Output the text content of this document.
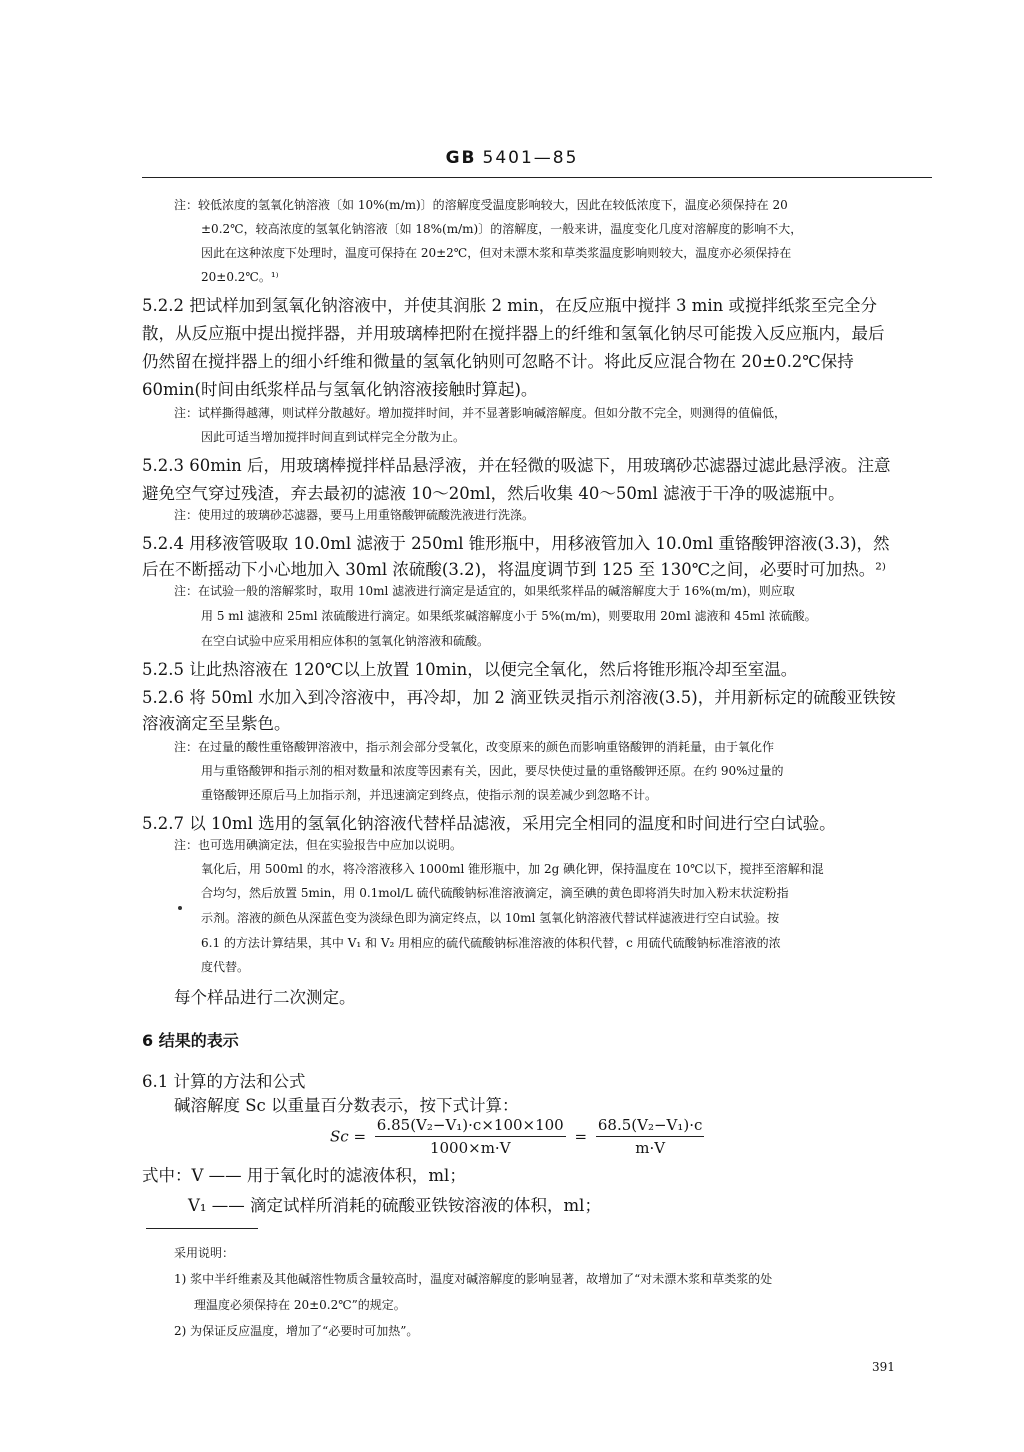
GB 5401—85
注：较低浓度的氢氧化钠溶液〔如 10%(m/m)〕的溶解度受温度影响较大，因此在较低浓度下，温度必须保持在 20
±0.2℃，较高浓度的氢氧化钠溶液〔如 18%(m/m)〕的溶解度，一般来讲，温度变化几度对溶解度的影响不大，
因此在这种浓度下处理时，温度可保持在 20±2℃，但对未漂木浆和草类浆温度影响则较大，温度亦必须保持在
20±0.2℃。¹⁾
5.2.2 把试样加到氢氧化钠溶液中，并使其润胀 2 min，在反应瓶中搅拌 3 min 或搅拌纸浆至完全分
散，从反应瓶中提出搅拌器，并用玻璃棒把附在搅拌器上的纤维和氢氧化钠尽可能拨入反应瓶内，最后
仍然留在搅拌器上的细小纤维和微量的氢氧化钠则可忽略不计。将此反应混合物在 20±0.2℃保持
60min(时间由纸浆样品与氢氧化钠溶液接触时算起)。
注：试样撕得越薄，则试样分散越好。增加搅拌时间，并不显著影响碱溶解度。但如分散不完全，则测得的值偏低，
因此可适当增加搅拌时间直到试样完全分散为止。
5.2.3 60min 后，用玻璃棒搅拌样品悬浮液，并在轻微的吸滤下，用玻璃砂芯滤器过滤此悬浮液。注意
避免空气穿过残渣，弃去最初的滤液 10～20ml，然后收集 40～50ml 滤液于干净的吸滤瓶中。
注：使用过的玻璃砂芯滤器，要马上用重铬酸钾硫酸洗液进行洗涤。
5.2.4 用移液管吸取 10.0ml 滤液于 250ml 锥形瓶中，用移液管加入 10.0ml 重铬酸钾溶液(3.3)，然
后在不断摇动下小心地加入 30ml 浓硫酸(3.2)，将温度调节到 125 至 130℃之间，必要时可加热。²⁾
注：在试验一般的溶解浆时，取用 10ml 滤液进行滴定是适宜的，如果纸浆样品的碱溶解度大于 16%(m/m)，则应取
用 5 ml 滤液和 25ml 浓硫酸进行滴定。如果纸浆碱溶解度小于 5%(m/m)，则要取用 20ml 滤液和 45ml 浓硫酸。
在空白试验中应采用相应体积的氢氧化钠溶液和硫酸。
5.2.5 让此热溶液在 120℃以上放置 10min，以便完全氧化，然后将锥形瓶冷却至室温。
5.2.6 将 50ml 水加入到冷溶液中，再冷却，加 2 滴亚铁灵指示剂溶液(3.5)，并用新标定的硫酸亚铁铵
溶液滴定至呈紫色。
注：在过量的酸性重铬酸钾溶液中，指示剂会部分受氧化，改变原来的颜色而影响重铬酸钾的消耗量，由于氧化作
用与重铬酸钾和指示剂的相对数量和浓度等因素有关，因此，要尽快使过量的重铬酸钾还原。在约 90%过量的
重铬酸钾还原后马上加指示剂，并迅速滴定到终点，使指示剂的误差减少到忽略不计。
5.2.7 以 10ml 选用的氢氧化钠溶液代替样品滤液，采用完全相同的温度和时间进行空白试验。
注：也可选用碘滴定法，但在实验报告中应加以说明。
氧化后，用 500ml 的水，将冷溶液移入 1000ml 锥形瓶中，加 2g 碘化钾，保持温度在 10℃以下，搅拌至溶解和混
合均匀，然后放置 5min，用 0.1mol/L 硫代硫酸钠标准溶液滴定，滴至碘的黄色即将消失时加入粉末状淀粉指
示剂。溶液的颜色从深蓝色变为淡绿色即为滴定终点，以 10ml 氢氧化钠溶液代替试样滤液进行空白试验。按
6.1 的方法计算结果，其中 V₁ 和 V₂ 用相应的硫代硫酸钠标准溶液的体积代替，c 用硫代硫酸钠标准溶液的浓
度代替。
每个样品进行二次测定。
6 结果的表示
6.1 计算的方法和公式
碱溶解度 Sc 以重量百分数表示，按下式计算：
$Sc = \frac{\text{6.85(V₂−V₁)·c×100×100}}{1000\times m\cdot V} = \frac{\text{68.5(V₂−V₁)·c}}{m\cdot V}$
式中：V —— 用于氧化时的滤液体积，ml；
V₁ —— 滴定试样所消耗的硫酸亚铁铵溶液的体积，ml；
采用说明：
1) 浆中半纤维素及其他碱溶性物质含量较高时，温度对碱溶解度的影响显著，故增加了“对未漂木浆和草类浆的处
理温度必须保持在 20±0.2℃”的规定。
2) 为保证反应温度，增加了“必要时可加热”。
391
